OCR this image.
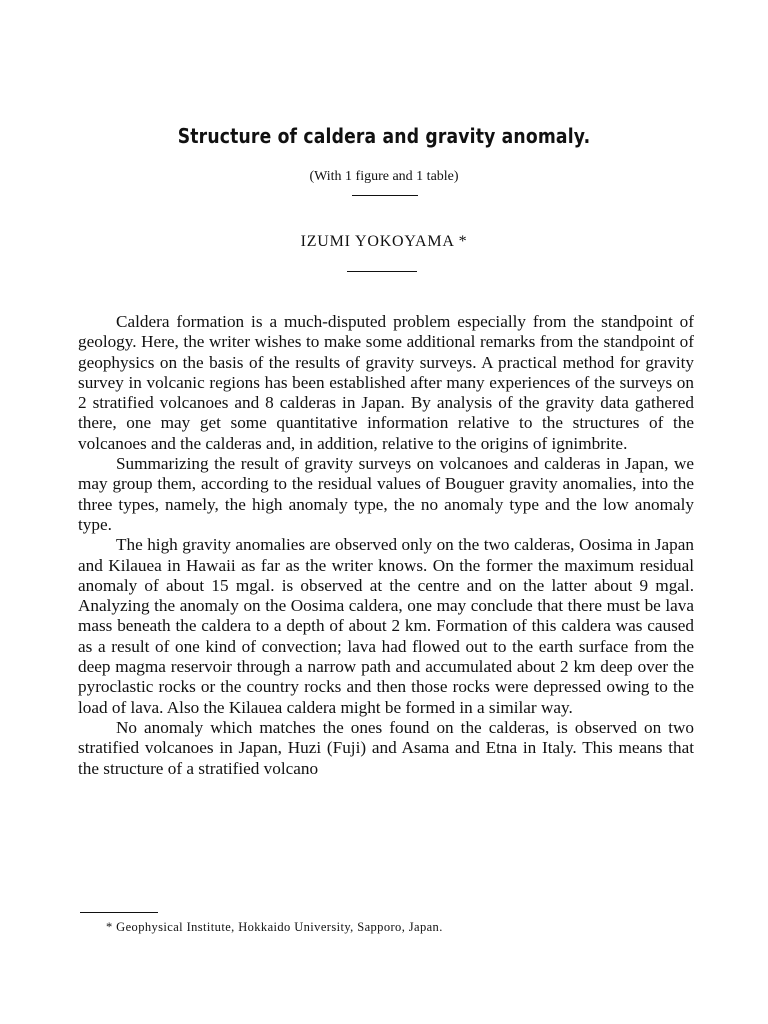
Structure of caldera and gravity anomaly.
(With 1 figure and 1 table)
IZUMI YOKOYAMA *

Caldera formation is a much-disputed problem especially from the standpoint of geology. Here, the writer wishes to make some additional remarks from the standpoint of geophysics on the basis of the results of gravity surveys. A practical method for gravity survey in volcanic regions has been established after many experiences of the surveys on 2 stratified volcanoes and 8 calderas in Japan. By analysis of the gravity data gathered there, one may get some quantitative information relative to the structures of the volcanoes and the calderas and, in addition, relative to the origins of ignimbrite.

Summarizing the result of gravity surveys on volcanoes and calderas in Japan, we may group them, according to the residual values of Bouguer gravity anomalies, into the three types, namely, the high anomaly type, the no anomaly type and the low anomaly type.

The high gravity anomalies are observed only on the two calderas, Oosima in Japan and Kilauea in Hawaii as far as the writer knows. On the former the maximum residual anomaly of about 15 mgal. is observed at the centre and on the latter about 9 mgal. Analyzing the anomaly on the Oosima caldera, one may conclude that there must be lava mass beneath the caldera to a depth of about 2 km. Formation of this caldera was caused as a result of one kind of convection; lava had flowed out to the earth surface from the deep magma reservoir through a narrow path and accumulated about 2 km deep over the pyroclastic rocks or the country rocks and then those rocks were depressed owing to the load of lava. Also the Kilauea caldera might be formed in a similar way.

No anomaly which matches the ones found on the calderas, is observed on two stratified volcanoes in Japan, Huzi (Fuji) and Asama and Etna in Italy. This means that the structure of a stratified volcano

* Geophysical Institute, Hokkaido University, Sapporo, Japan.
